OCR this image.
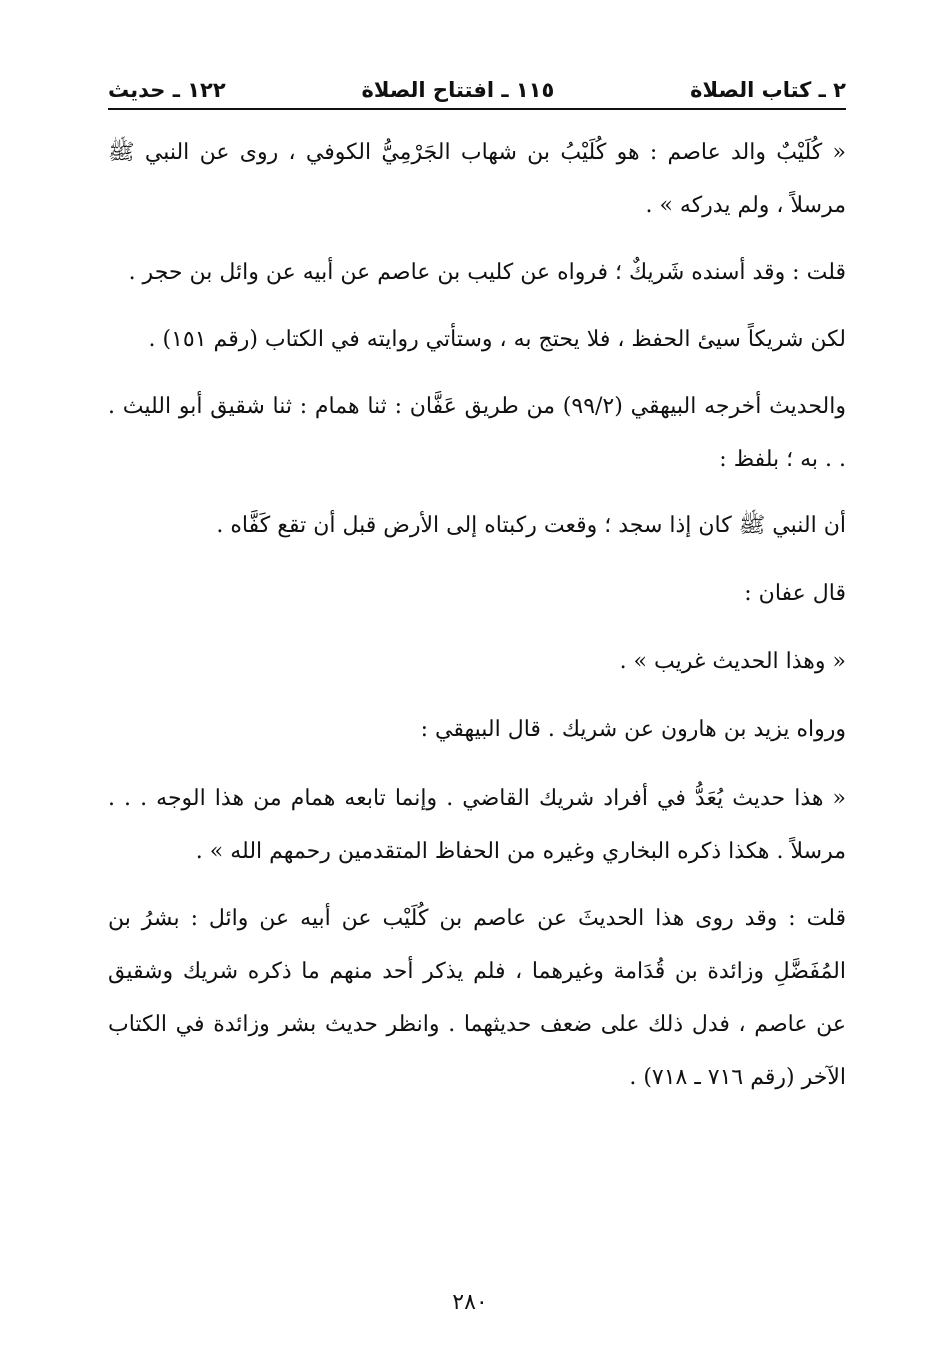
٢ ـ كتاب الصلاة
١١٥ ـ افتتاح الصلاة
١٢٢ ـ حديث

« كُلَيْبٌ والد عاصم : هو كُلَيْبُ بن شهاب الجَرْمِيُّ الكوفي ، روى عن النبي ﷺ مرسلاً ، ولم يدركه » .

قلت : وقد أسنده شَريكٌ ؛ فرواه عن كليب بن عاصم عن أبيه عن وائل بن حجر .

لكن شريكاً سيئ الحفظ ، فلا يحتج به ، وستأتي روايته في الكتاب (رقم ١٥١) .

والحديث أخرجه البيهقي (٩٩/٢) من طريق عَفَّان : ثنا همام : ثنا شقيق أبو الليث . . . به ؛ بلفظ :

أن النبي ﷺ كان إذا سجد ؛ وقعت ركبتاه إلى الأرض قبل أن تقع كَفَّاه .

قال عفان :

« وهذا الحديث غريب » .

ورواه يزيد بن هارون عن شريك . قال البيهقي :

« هذا حديث يُعَدُّ في أفراد شريك القاضي . وإنما تابعه همام من هذا الوجه . . . مرسلاً . هكذا ذكره البخاري وغيره من الحفاظ المتقدمين رحمهم الله » .

قلت : وقد روى هذا الحديثَ عن عاصم بن كُلَيْب عن أبيه عن وائل : بشرُ بن المُفَضَّلِ وزائدة بن قُدَامة وغيرهما ، فلم يذكر أحد منهم ما ذكره شريك وشقيق عن عاصم ، فدل ذلك على ضعف حديثهما . وانظر حديث بشر وزائدة في الكتاب الآخر (رقم ٧١٦ ـ ٧١٨) .

٢٨٠
